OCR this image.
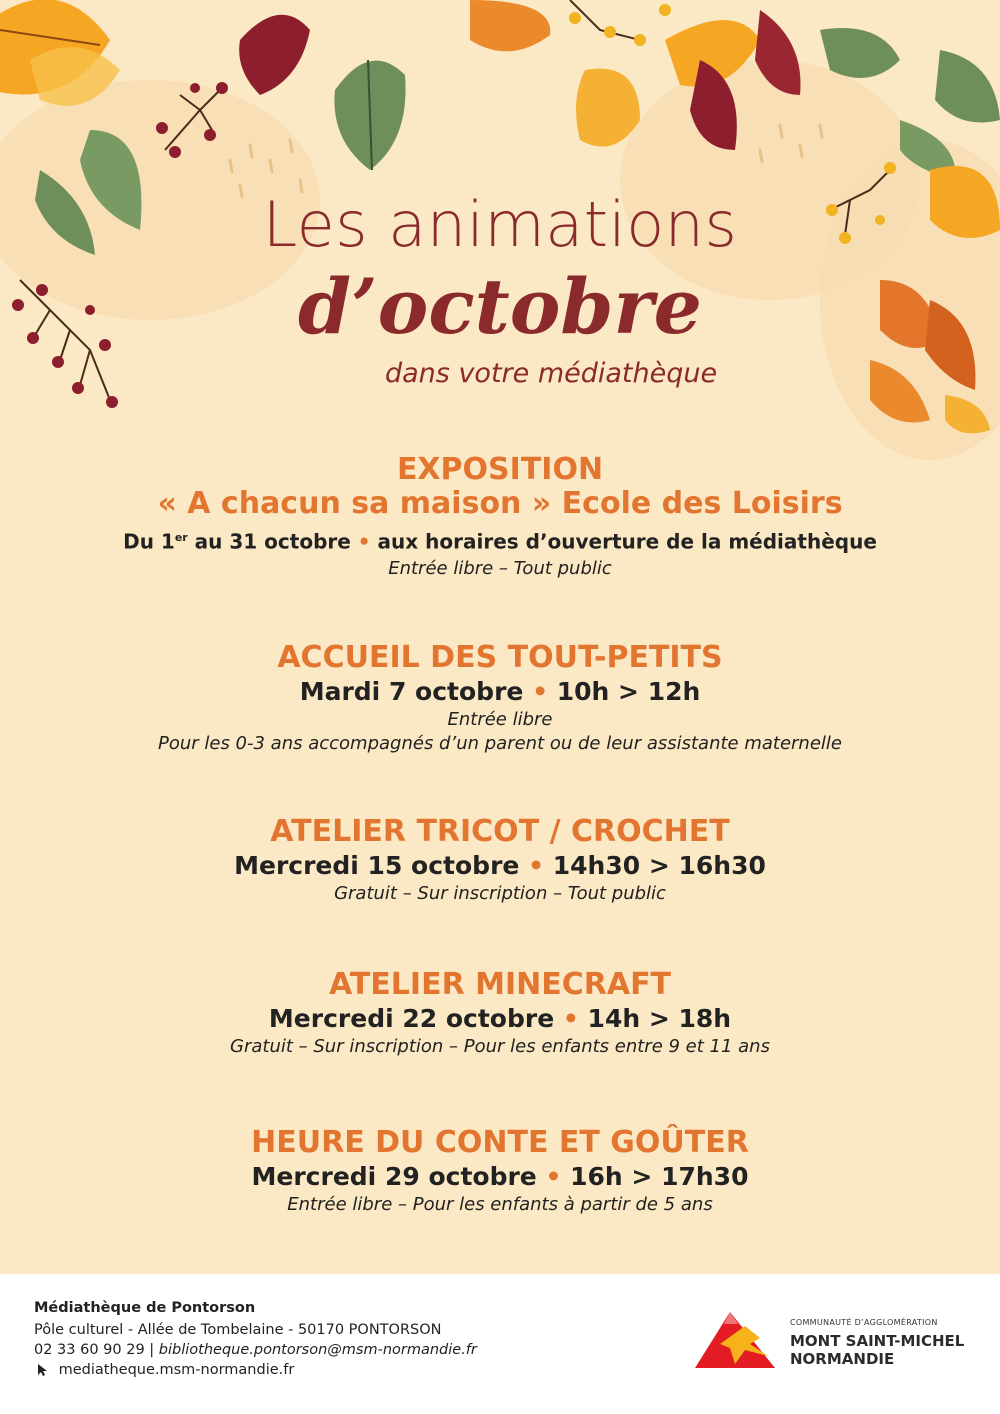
Les animations
d’octobre
dans votre médiathèque
EXPOSITION
« A chacun sa maison » Ecole des Loisirs
Du 1er au 31 octobre • aux horaires d’ouverture de la médiathèque
Entrée libre – Tout public
ACCUEIL DES TOUT-PETITS
Mardi 7 octobre • 10h > 12h
Entrée libre
Pour les 0-3 ans accompagnés d’un parent ou de leur assistante maternelle
ATELIER TRICOT / CROCHET
Mercredi 15 octobre • 14h30 > 16h30
Gratuit – Sur inscription – Tout public
ATELIER MINECRAFT
Mercredi 22 octobre • 14h > 18h
Gratuit – Sur inscription – Pour les enfants entre 9 et 11 ans
HEURE DU CONTE ET GOÛTER
Mercredi 29 octobre • 16h > 17h30
Entrée libre – Pour les enfants à partir de 5 ans
Médiathèque de Pontorson
Pôle culturel - Allée de Tombelaine - 50170 PONTORSON
02 33 60 90 29 | bibliotheque.pontorson@msm-normandie.fr
mediatheque.msm-normandie.fr
COMMUNAUTÉ D’AGGLOMÉRATION
MONT SAINT-MICHEL
NORMANDIE
